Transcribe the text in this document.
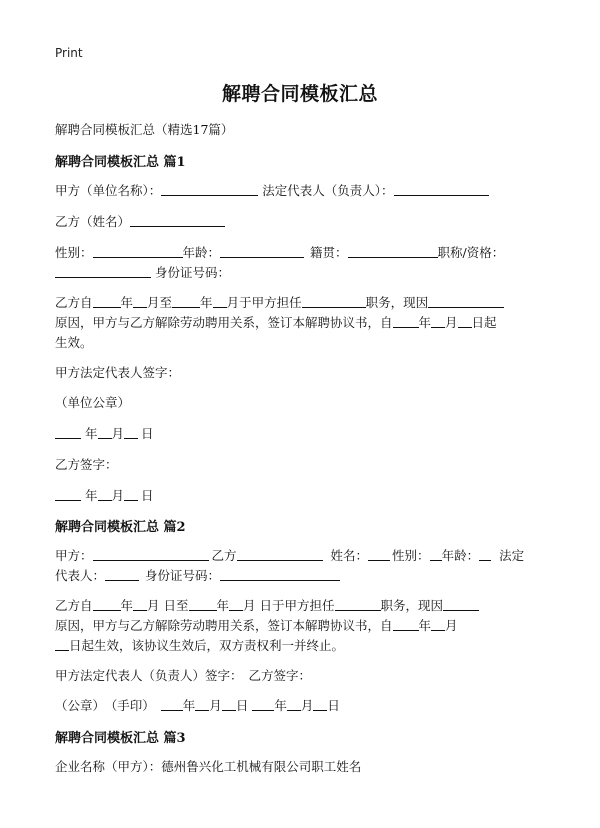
Print
解聘合同模板汇总
解聘合同模板汇总（精选17篇）
解聘合同模板汇总 篇1
甲方（单位名称）：	法定代表人（负责人）：
乙方（姓名）
性别：	年龄：	籍贯：	职称/资格：
身份证号码：
乙方自 年 月至 年 月于甲方担任	职务，现因
原因，甲方与乙方解除劳动聘用关系，签订本解聘协议书，自 年 月 日起
生效。
甲方法定代表人签字：
（单位公章）
年 月 日
乙方签字：
年 月 日
解聘合同模板汇总 篇2
甲方：	乙方	姓名： 性别： 年龄： 法定
代表人：	身份证号码：
乙方自 年 月 日至 年 月 日于甲方担任	职务，现因
原因，甲方与乙方解除劳动聘用关系，签订本解聘协议书，自 年 月
日起生效，该协议生效后，双方责权利一并终止。
甲方法定代表人（负责人）签字： 乙方签字：
（公章） （手印） 年 月 日 年 月 日
解聘合同模板汇总 篇3
企业名称（甲方）：德州鲁兴化工机械有限公司职工姓名
